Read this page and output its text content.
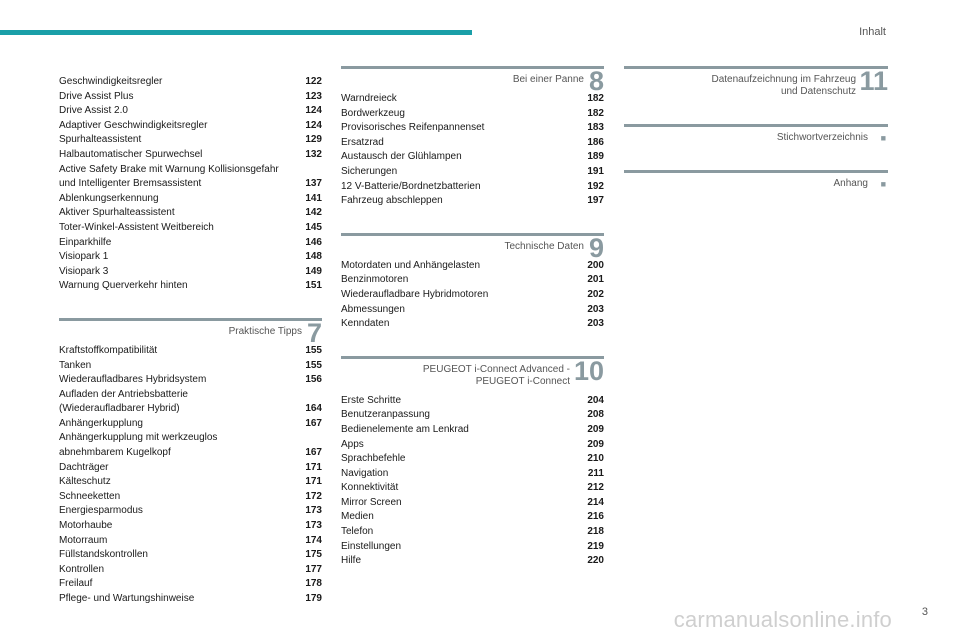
Inhalt
Geschwindigkeitsregler	122
Drive Assist Plus	123
Drive Assist 2.0	124
Adaptiver Geschwindigkeitsregler	124
Spurhalteassistent	129
Halbautomatischer Spurwechsel	132
Active Safety Brake mit Warnung Kollisionsgefahr
und Intelligenter Bremsassistent	137
Ablenkungserkennung	141
Aktiver Spurhalteassistent	142
Toter-Winkel-Assistent Weitbereich	145
Einparkhilfe	146
Visiopark 1	148
Visiopark 3	149
Warnung Querverkehr hinten	151
Praktische Tipps 7
Kraftstoffkompatibilität	155
Tanken	155
Wiederaufladbares Hybridsystem	156
Aufladen der Antriebsbatterie
(Wiederaufladbarer Hybrid)	164
Anhängerkupplung	167
Anhängerkupplung mit werkzeuglos
abnehmbarem Kugelkopf	167
Dachträger	171
Kälteschutz	171
Schneeketten	172
Energiesparmodus	173
Motorhaube	173
Motorraum	174
Füllstandskontrollen	175
Kontrollen	177
Freilauf	178
Pflege- und Wartungshinweise	179
Bei einer Panne 8
Warndreieck	182
Bordwerkzeug	182
Provisorisches Reifenpannenset	183
Ersatzrad	186
Austausch der Glühlampen	189
Sicherungen	191
12 V-Batterie/Bordnetzbatterien	192
Fahrzeug abschleppen	197
Technische Daten 9
Motordaten und Anhängelasten	200
Benzinmotoren	201
Wiederaufladbare Hybridmotoren	202
Abmessungen	203
Kenndaten	203
PEUGEOT i-Connect Advanced -
PEUGEOT i-Connect 10
Erste Schritte	204
Benutzeranpassung	208
Bedienelemente am Lenkrad	209
Apps	209
Sprachbefehle	210
Navigation	211
Konnektivität	212
Mirror Screen	214
Medien	216
Telefon	218
Einstellungen	219
Hilfe	220
Datenaufzeichnung im Fahrzeug
und Datenschutz 11
Stichwortverzeichnis ■
Anhang ■
carmanualsonline.info	3
